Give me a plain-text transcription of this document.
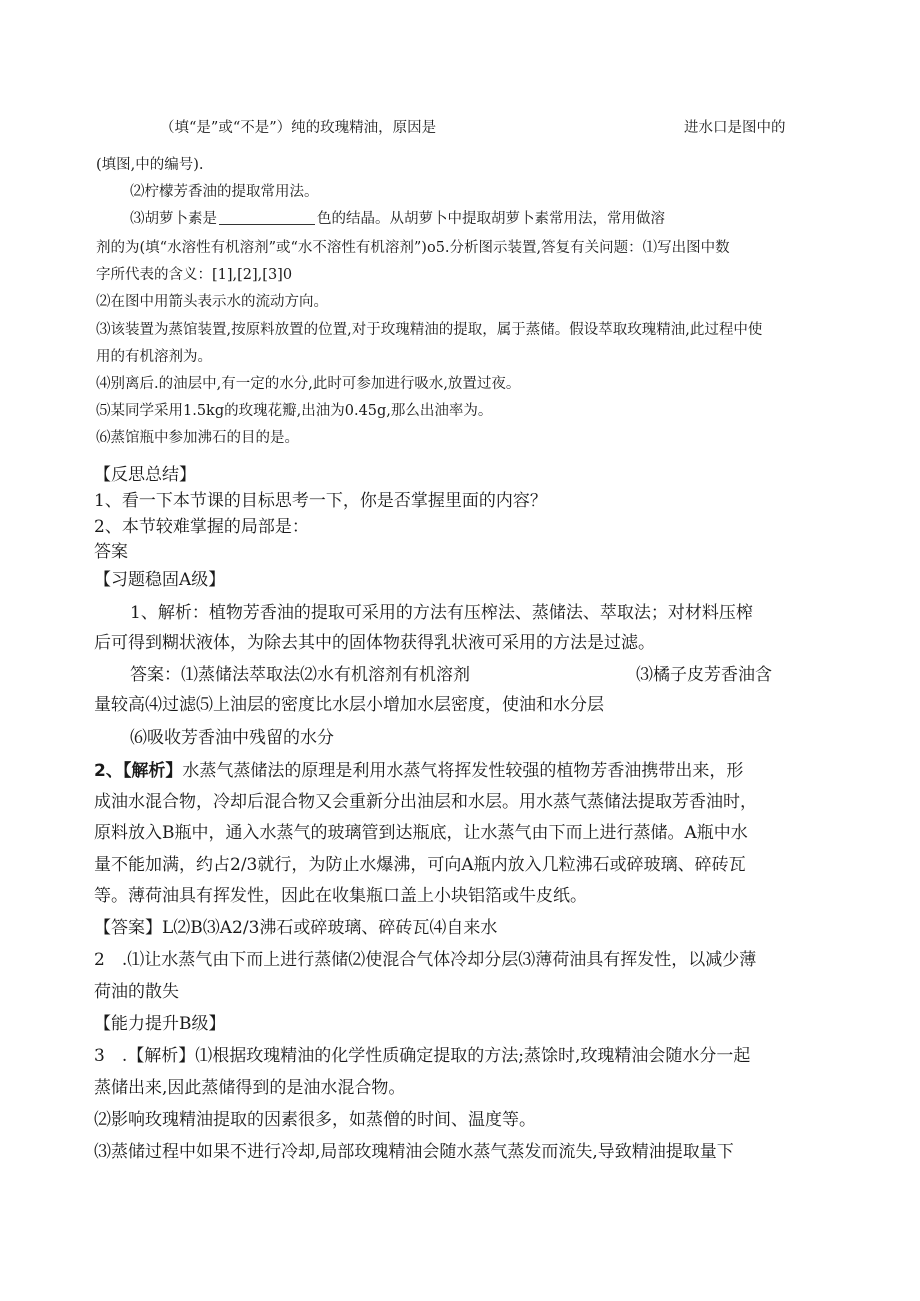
（填“是”或“不是”）纯的玫瑰精油，原因是	进水口是图中的
(填图,中的编号).
⑵柠檬芳香油的提取常用法。
⑶胡萝卜素是	色的结晶。从胡萝卜中提取胡萝卜素常用法，常用做溶
剂的为(填“水溶性有机溶剂”或“水不溶性有机溶剂”)o5.分析图示装置,答复有关问题：⑴写出图中数
字所代表的含义：[1],[2],[3]0
⑵在图中用箭头表示水的流动方向。
⑶该装置为蒸馆装置,按原料放置的位置,对于玫瑰精油的提取，属于蒸储。假设萃取玫瑰精油,此过程中使
用的有机溶剂为。
⑷别离后.的油层中,有一定的水分,此时可参加进行吸水,放置过夜。
⑸某同学采用1.5kg的玫瑰花瓣,出油为0.45g,那么出油率为。
⑹蒸馆瓶中参加沸石的目的是。
【反思总结】
1、看一下本节课的目标思考一下，你是否掌握里面的内容？
2、本节较难掌握的局部是：
答案
【习题稳固A级】
1、解析：植物芳香油的提取可采用的方法有压榨法、蒸储法、萃取法；对材料压榨
后可得到糊状液体，为除去其中的固体物获得乳状液可采用的方法是过滤。
答案：⑴蒸储法萃取法⑵水有机溶剂有机溶剂	⑶橘子皮芳香油含
量较高⑷过滤⑸上油层的密度比水层小增加水层密度，使油和水分层
⑹吸收芳香油中残留的水分
2、【解析】水蒸气蒸储法的原理是利用水蒸气将挥发性较强的植物芳香油携带出来，形
成油水混合物，冷却后混合物又会重新分出油层和水层。用水蒸气蒸储法提取芳香油时，
原料放入B瓶中，通入水蒸气的玻璃管到达瓶底，让水蒸气由下而上进行蒸储。A瓶中水
量不能加满，约占2/3就行，为防止水爆沸，可向A瓶内放入几粒沸石或碎玻璃、碎砖瓦
等。薄荷油具有挥发性，因此在收集瓶口盖上小块铝箔或牛皮纸。
【答案】L⑵B⑶A2/3沸石或碎玻璃、碎砖瓦⑷自来水
2　.⑴让水蒸气由下而上进行蒸储⑵使混合气体冷却分层⑶薄荷油具有挥发性，以减少薄
荷油的散失
【能力提升B级】
3　.【解析】⑴根据玫瑰精油的化学性质确定提取的方法;蒸馀时,玫瑰精油会随水分一起
蒸储出来,因此蒸储得到的是油水混合物。
⑵影响玫瑰精油提取的因素很多，如蒸僧的时间、温度等。
⑶蒸储过程中如果不进行冷却,局部玫瑰精油会随水蒸气蒸发而流失,导致精油提取量下
